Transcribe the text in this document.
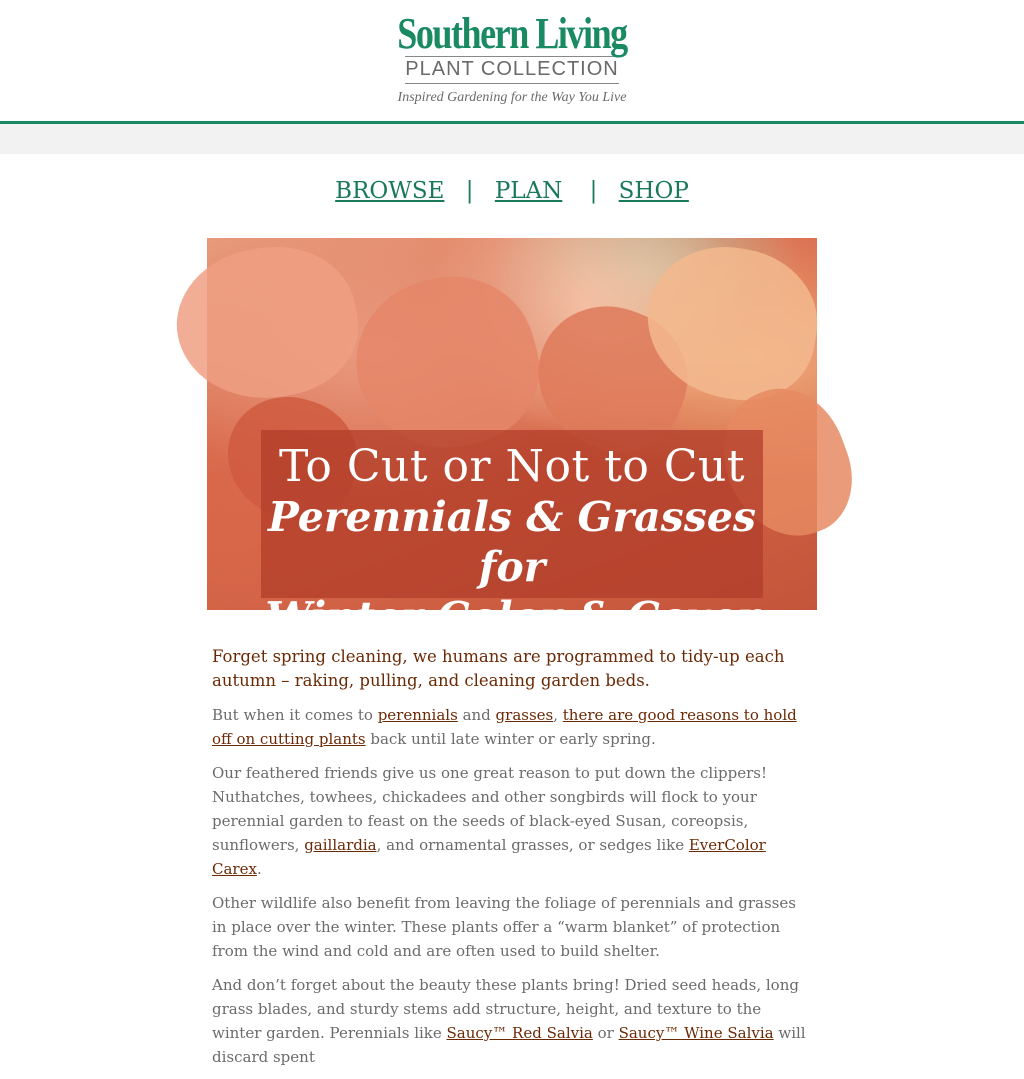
Southern Living
PLANT COLLECTION
Inspired Gardening for the Way You Live
BROWSE | PLAN | SHOP
To Cut or Not to Cut
Perennials & Grasses for
Winter Color & Cover

Forget spring cleaning, we humans are programmed to tidy-up each autumn – raking, pulling, and cleaning garden beds.

But when it comes to perennials and grasses, there are good reasons to hold off on cutting plants back until late winter or early spring.

Our feathered friends give us one great reason to put down the clippers! Nuthatches, towhees, chickadees and other songbirds will flock to your perennial garden to feast on the seeds of black-eyed Susan, coreopsis, sunflowers, gaillardia, and ornamental grasses, or sedges like EverColor Carex.

Other wildlife also benefit from leaving the foliage of perennials and grasses in place over the winter. These plants offer a “warm blanket” of protection from the wind and cold and are often used to build shelter.

And don’t forget about the beauty these plants bring! Dried seed heads, long grass blades, and sturdy stems add structure, height, and texture to the winter garden. Perennials like Saucy™ Red Salvia or Saucy™ Wine Salvia will discard spent
